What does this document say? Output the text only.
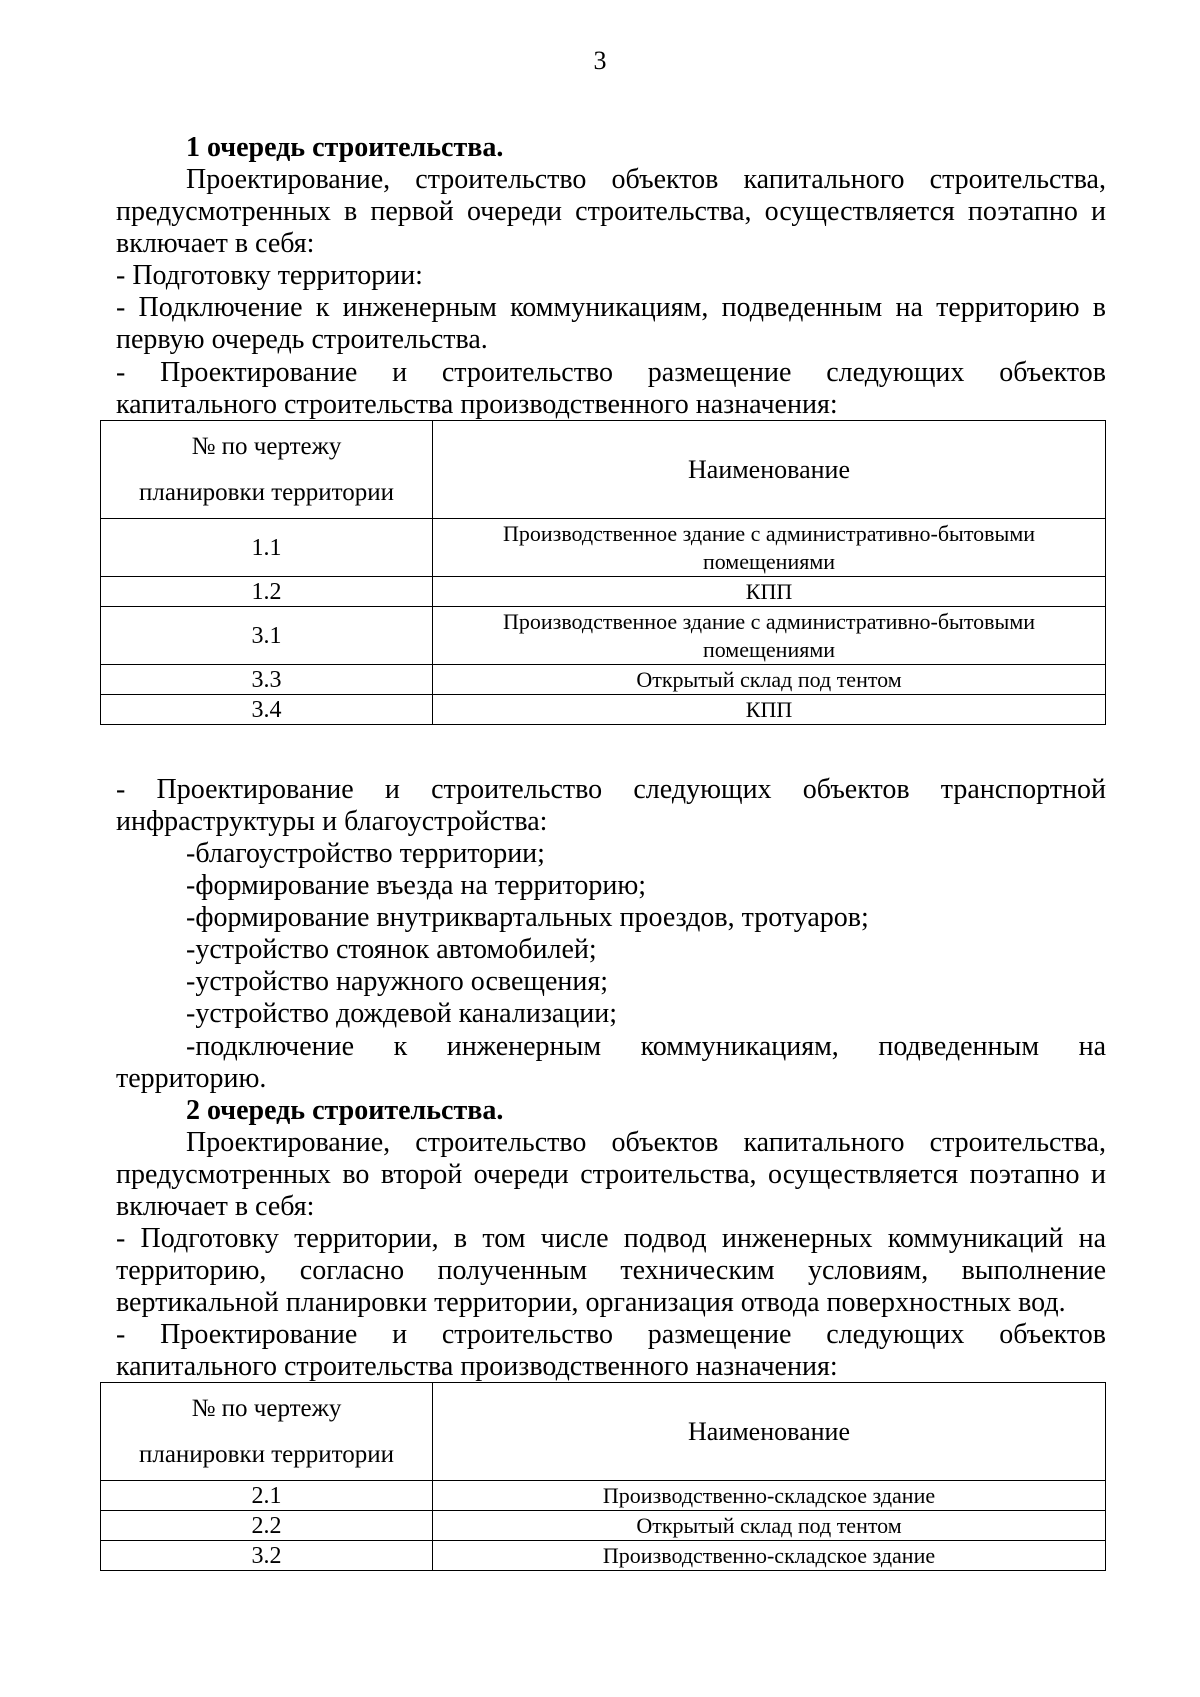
3
1 очередь строительства.
Проектирование, строительство объектов капитального строительства,
предусмотренных в первой очереди строительства, осуществляется поэтапно и
включает в себя:
- Подготовку территории:
- Подключение к инженерным коммуникациям, подведенным на территорию в
первую очередь строительства.
- Проектирование и строительство размещение следующих объектов
капитального строительства производственного назначения:
№ по чертежу
планировки территории	Наименование
1.1	Производственное здание с административно-бытовыми
помещениями

1.2	КПП
3.1	Производственное здание с административно-бытовыми
помещениями

3.3	Открытый склад под тентом
3.4	КПП
- Проектирование и строительство следующих объектов транспортной
инфраструктуры и благоустройства:
-благоустройство территории;
-формирование въезда на территорию;
-формирование внутриквартальных проездов, тротуаров;
-устройство стоянок автомобилей;
-устройство наружного освещения;
-устройство дождевой канализации;
-подключение к инженерным коммуникациям, подведенным на
территорию.
2 очередь строительства.
Проектирование, строительство объектов капитального строительства,
предусмотренных во второй очереди строительства, осуществляется поэтапно и
включает в себя:
- Подготовку территории, в том числе подвод инженерных коммуникаций на
территорию, согласно полученным техническим условиям, выполнение
вертикальной планировки территории, организация отвода поверхностных вод.
- Проектирование и строительство размещение следующих объектов
капитального строительства производственного назначения:
№ по чертежу
планировки территории	Наименование
2.1	Производственно-складское здание
2.2	Открытый склад под тентом
3.2	Производственно-складское здание
